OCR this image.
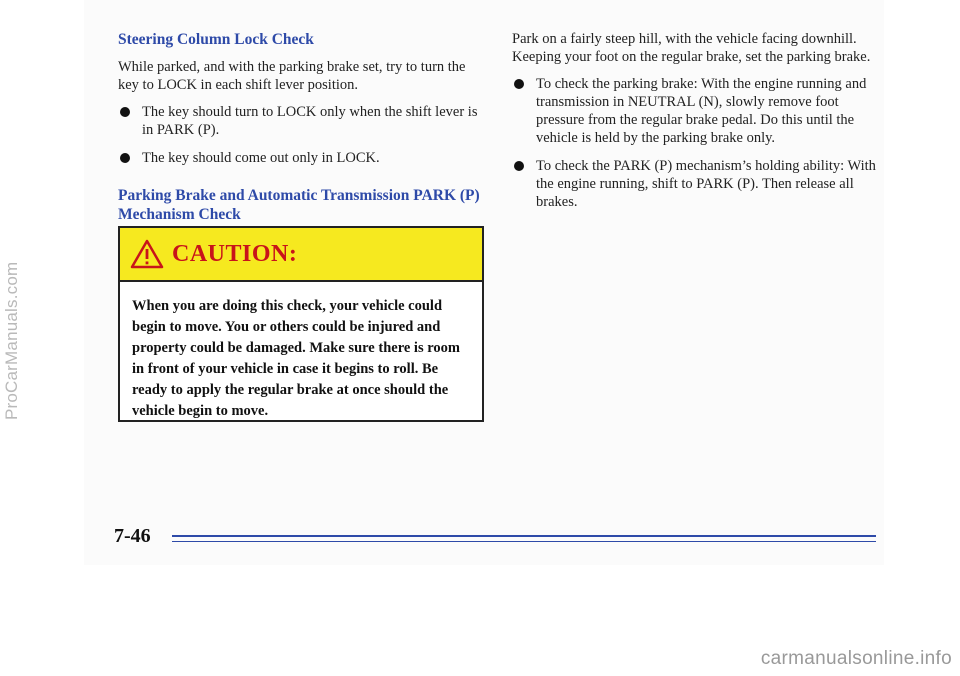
ProCarManuals.com
Steering Column Lock Check

While parked, and with the parking brake set, try to turn the key to LOCK in each shift lever position.

The key should turn to LOCK only when the shift lever is in PARK (P).
The key should come out only in LOCK.
Parking Brake and Automatic Transmission PARK (P) Mechanism Check
CAUTION:
When you are doing this check, your vehicle could begin to move. You or others could be injured and property could be damaged. Make sure there is room in front of your vehicle in case it begins to roll. Be ready to apply the regular brake at once should the vehicle begin to move.

Park on a fairly steep hill, with the vehicle facing downhill. Keeping your foot on the regular brake, set the parking brake.

To check the parking brake: With the engine running and transmission in NEUTRAL (N), slowly remove foot pressure from the regular brake pedal. Do this until the vehicle is held by the parking brake only.
To check the PARK (P) mechanism’s holding ability: With the engine running, shift to PARK (P). Then release all brakes.
7-46
carmanualsonline.info
